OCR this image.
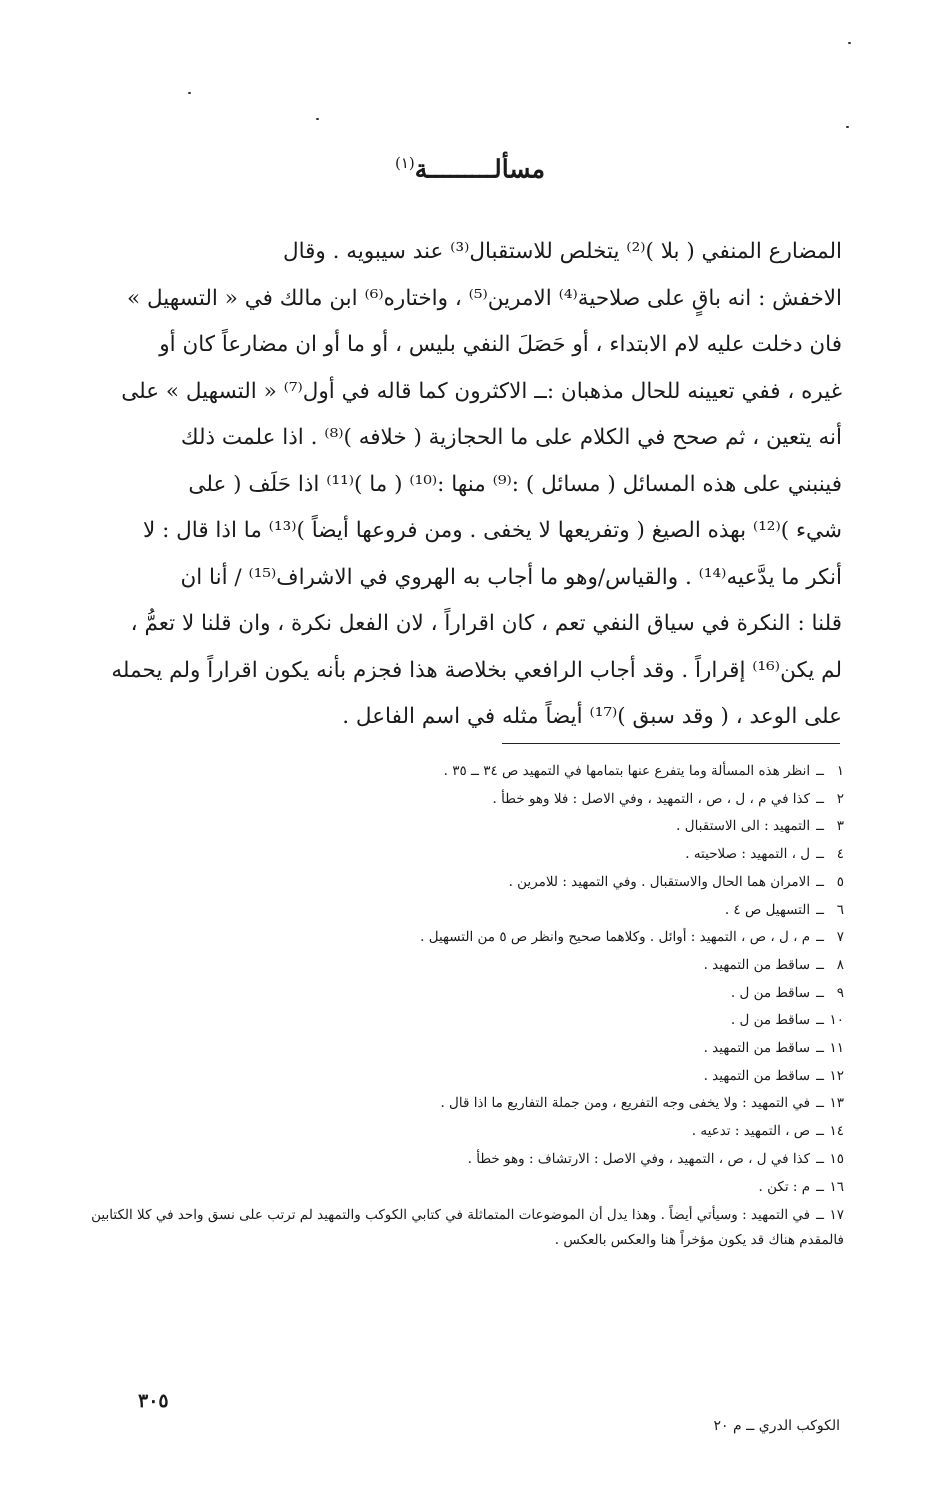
مسألـــــــــة$^{(١)}$

المضارع المنفي ( بلا )⁽²⁾ يتخلص للاستقبال⁽³⁾ عند سيبويه . وقال

الاخفش : انه باقٍ على صلاحية⁽⁴⁾ الامرين⁽⁵⁾ ، واختاره⁽⁶⁾ ابن مالك في « التسهيل »

فان دخلت عليه لام الابتداء ، أو حَصَلَ النفي بليس ، أو ما أو ان مضارعاً كان أو

غيره ، ففي تعيينه للحال مذهبان :ــ الاكثرون كما قاله في أول⁽⁷⁾ « التسهيل » على

أنه يتعين ، ثم صحح في الكلام على ما الحجازية ( خلافه )⁽⁸⁾ . اذا علمت ذلك

فينبني على هذه المسائل ( مسائل ) :⁽⁹⁾ منها :⁽¹⁰⁾ ( ما )⁽¹¹⁾ اذا حَلَف ( على

شيء )⁽¹²⁾ بهذه الصيغ ( وتفريعها لا يخفى . ومن فروعها أيضاً )⁽¹³⁾ ما اذا قال : لا

أنكر ما يدَّعيه⁽¹⁴⁾ . والقياس/وهو ما أجاب به الهروي في الاشراف⁽¹⁵⁾ / أنا ان

قلنا : النكرة في سياق النفي تعم ، كان اقراراً ، لان الفعل نكرة ، وان قلنا لا تعمُّ ،

لم يكن⁽¹⁶⁾ إقراراً . وقد أجاب الرافعي بخلاصة هذا فجزم بأنه يكون اقراراً ولم يحمله

على الوعد ، ( وقد سبق )⁽¹⁷⁾ أيضاً مثله في اسم الفاعل .

١ــانظر هذه المسألة وما يتفرع عنها بتمامها في التمهيد ص ٣٤ ــ ٣٥ .

٢ــكذا في م ، ل ، ص ، التمهيد ، وفي الاصل : فلا وهو خطأ .

٣ــالتمهيد : الى الاستقبال .

٤ــل ، التمهيد : صلاحيته .

٥ــالامران هما الحال والاستقبال . وفي التمهيد : للامرين .

٦ــالتسهيل ص ٤ .

٧ــم ، ل ، ص ، التمهيد : أوائل . وكلاهما صحيح وانظر ص ٥ من التسهيل .

٨ــساقط من التمهيد .

٩ــساقط من ل .

١٠ــساقط من ل .

١١ــساقط من التمهيد .

١٢ــساقط من التمهيد .

١٣ــفي التمهيد : ولا يخفى وجه التفريع ، ومن جملة التفاريع ما اذا قال .

١٤ــص ، التمهيد : تدعيه .

١٥ــكذا في ل ، ص ، التمهيد ، وفي الاصل : الارتشاف : وهو خطأ .

١٦ــم : تكن .

١٧ــفي التمهيد : وسيأتي أيضاً . وهذا يدل أن الموضوعات المتماثلة في كتابي الكوكب والتمهيد لم ترتب على نسق واحد في كلا الكتابين فالمقدم هناك قد يكون مؤخراً هنا والعكس بالعكس .

٣٠٥
الكوكب الدري ــ م ٢٠
